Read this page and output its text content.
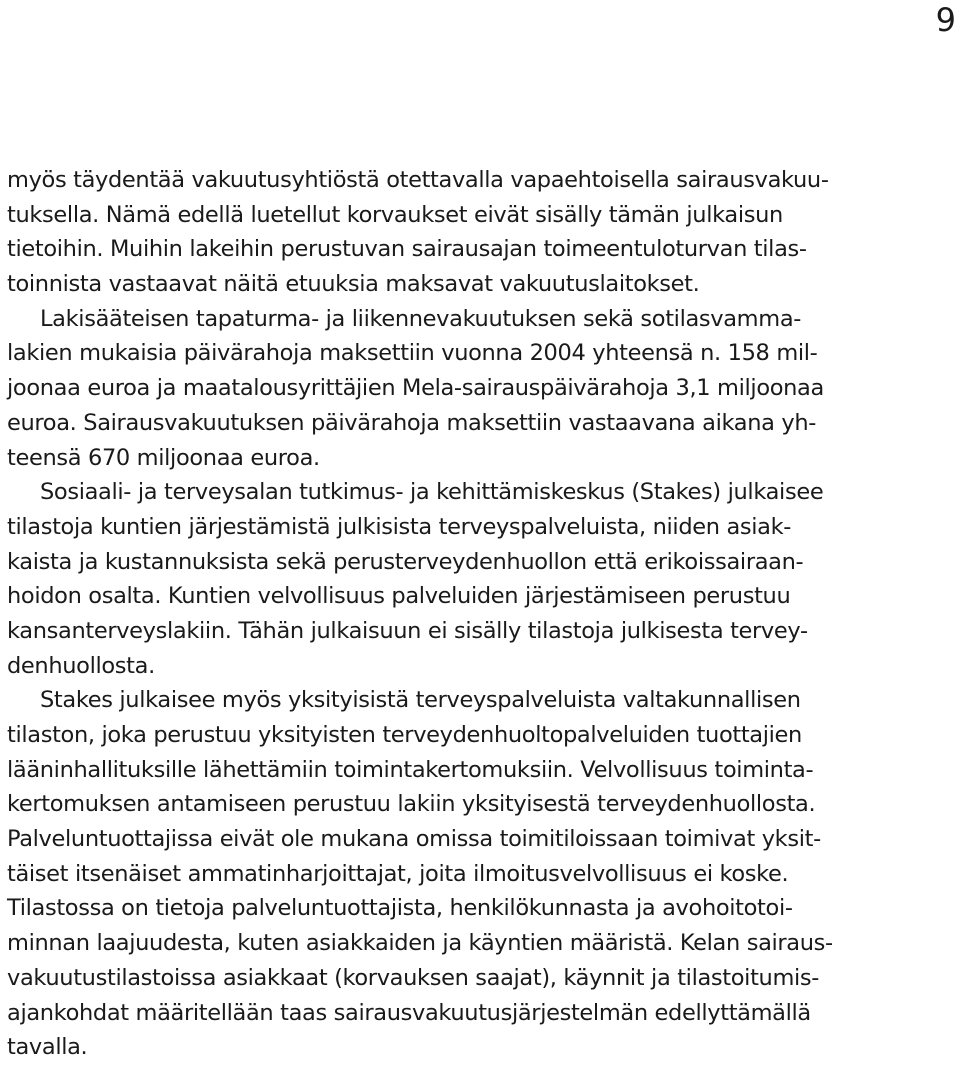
9
myös täydentää vakuutusyhtiöstä otettavalla vapaehtoisella sairausvakuu-
tuksella. Nämä edellä luetellut korvaukset eivät sisälly tämän julkaisun
tietoihin. Muihin lakeihin perustuvan sairausajan toimeentuloturvan tilas-
toinnista vastaavat näitä etuuksia maksavat vakuutuslaitokset.
Lakisääteisen tapaturma- ja liikennevakuutuksen sekä sotilasvamma-
lakien mukaisia päivärahoja maksettiin vuonna 2004 yhteensä n. 158 mil-
joonaa euroa ja maatalousyrittäjien Mela-sairauspäivärahoja 3,1 miljoonaa
euroa. Sairausvakuutuksen päivärahoja maksettiin vastaavana aikana yh-
teensä 670 miljoonaa euroa.
Sosiaali- ja terveysalan tutkimus- ja kehittämiskeskus (Stakes) julkaisee
tilastoja kuntien järjestämistä julkisista terveyspalveluista, niiden asiak-
kaista ja kustannuksista sekä perusterveydenhuollon että erikoissairaan-
hoidon osalta. Kuntien velvollisuus palveluiden järjestämiseen perustuu
kansanterveyslakiin. Tähän julkaisuun ei sisälly tilastoja julkisesta tervey-
denhuollosta.
Stakes julkaisee myös yksityisistä terveyspalveluista valtakunnallisen
tilaston, joka perustuu yksityisten terveydenhuoltopalveluiden tuottajien
lääninhallituksille lähettämiin toimintakertomuksiin. Velvollisuus toiminta-
kertomuksen antamiseen perustuu lakiin yksityisestä terveydenhuollosta.
Palveluntuottajissa eivät ole mukana omissa toimitiloissaan toimivat yksit-
täiset itsenäiset ammatinharjoittajat, joita ilmoitusvelvollisuus ei koske.
Tilastossa on tietoja palveluntuottajista, henkilökunnasta ja avohoitotoi-
minnan laajuudesta, kuten asiakkaiden ja käyntien määristä. Kelan sairaus-
vakuutustilastoissa asiakkaat (korvauksen saajat), käynnit ja tilastoitumis-
ajankohdat määritellään taas sairausvakuutusjärjestelmän edellyttämällä
tavalla.
